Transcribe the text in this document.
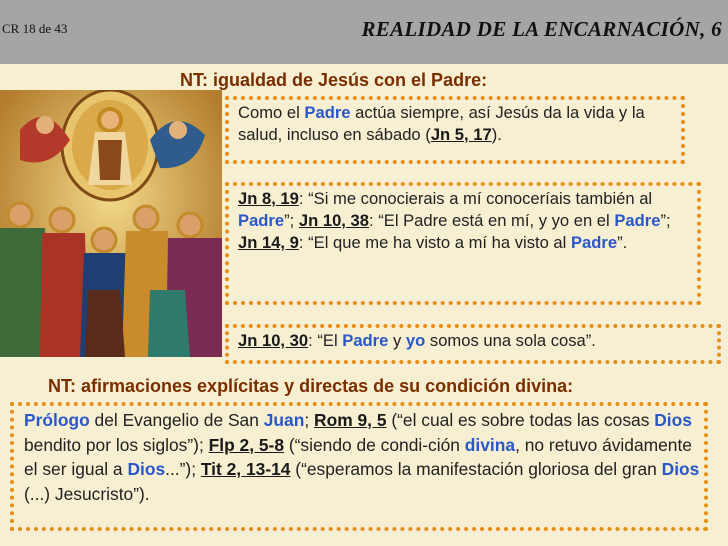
CR 18 de 43	REALIDAD DE LA ENCARNACIÓN, 6
NT: igualdad de Jesús con el Padre:
Como el Padre actúa siempre, así Jesús da la vida y la salud, incluso en sábado (Jn 5, 17).
Jn 8, 19: “Si me conocierais a mí conoceríais también al Padre”; Jn 10, 38: “El Padre está en mí, y yo en el Padre”; Jn 14, 9: “El que me ha visto a mí ha visto al Padre”.
Jn 10, 30: “El Padre y yo somos una sola cosa”.
NT: afirmaciones explícitas y directas de su condición divina:
Prólogo del Evangelio de San Juan; Rom 9, 5 (“el cual es sobre todas las cosas Dios bendito por los siglos”); Flp 2, 5-8 (“siendo de condi-ción divina, no retuvo ávidamente el ser igual a Dios...”); Tit 2, 13-14 (“esperamos la manifestación gloriosa del gran Dios (...) Jesucristo”).
